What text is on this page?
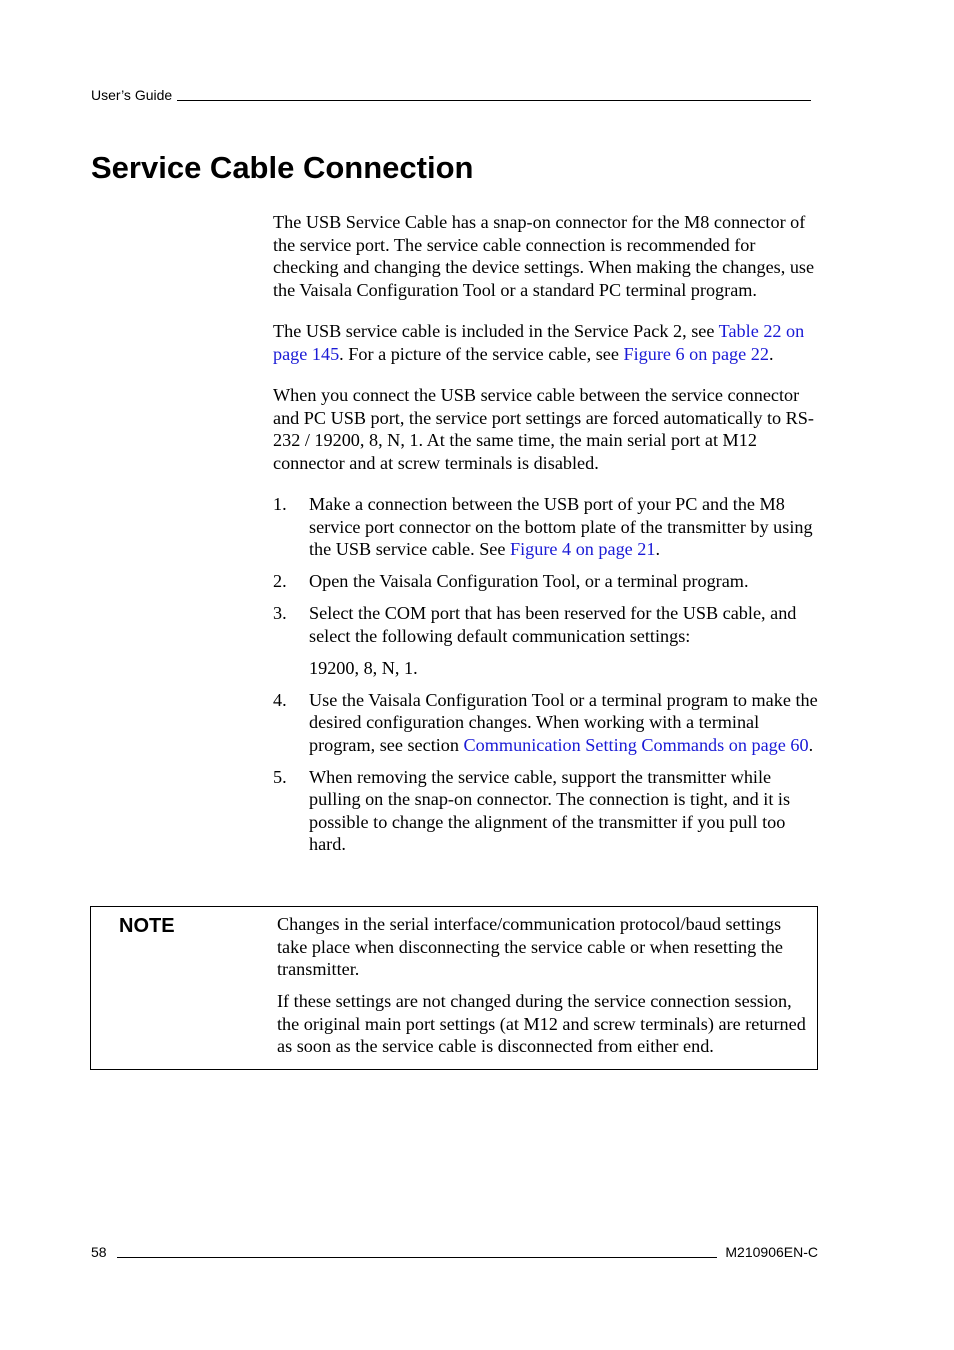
User’s Guide
Service Cable Connection

The USB Service Cable has a snap-on connector for the M8 connector of the service port. The service cable connection is recommended for checking and changing the device settings. When making the changes, use the Vaisala Configuration Tool or a standard PC terminal program.

The USB service cable is included in the Service Pack 2, see Table 22 on page 145. For a picture of the service cable, see Figure 6 on page 22.

When you connect the USB service cable between the service connector and PC USB port, the service port settings are forced automatically to RS-232 / 19200, 8, N, 1. At the same time, the main serial port at M12 connector and at screw terminals is disabled.

1.	Make a connection between the USB port of your PC and the M8 service port connector on the bottom plate of the transmitter by using the USB service cable. See Figure 4 on page 21.
2.	Open the Vaisala Configuration Tool, or a terminal program.
3.	Select the COM port that has been reserved for the USB cable, and select the following default communication settings:
19200, 8, N, 1.
4.	Use the Vaisala Configuration Tool or a terminal program to make the desired configuration changes. When working with a terminal program, see section Communication Setting Commands on page 60.
5.	When removing the service cable, support the transmitter while pulling on the snap-on connector. The connection is tight, and it is possible to change the alignment of the transmitter if you pull too hard.
NOTE	Changes in the serial interface/communication protocol/baud settings take place when disconnecting the service cable or when resetting the transmitter.

If these settings are not changed during the service connection session, the original main port settings (at M12 and screw terminals) are returned as soon as the service cable is disconnected from either end.

58	M210906EN-C
